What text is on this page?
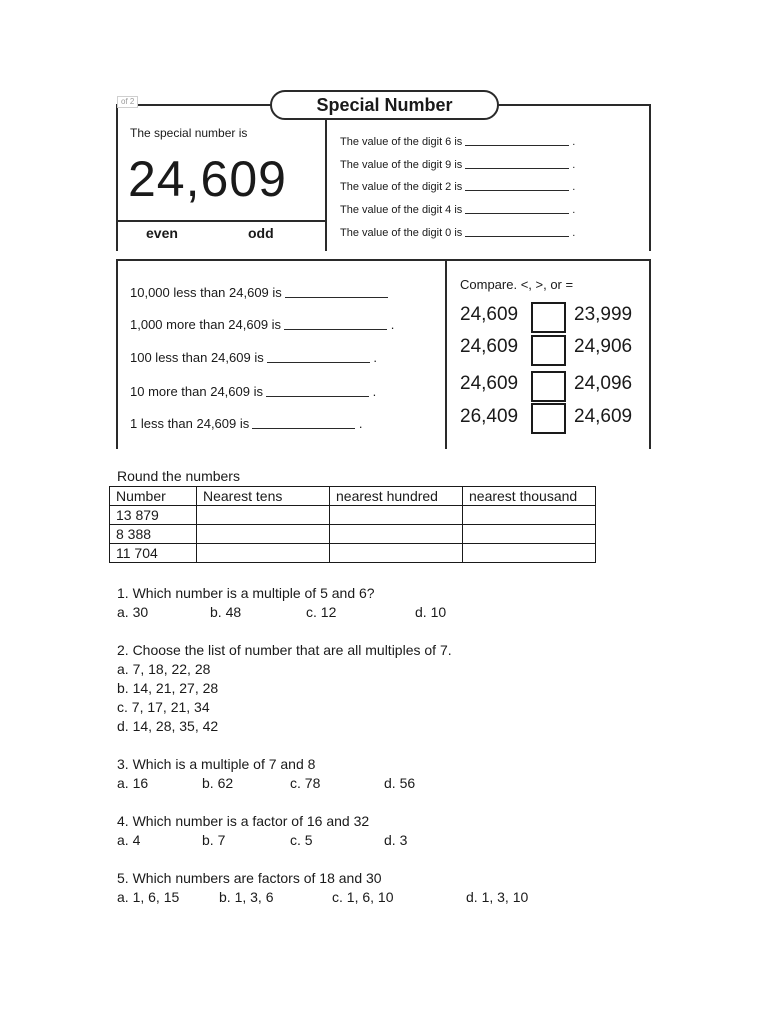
of 2	Special Number
The special number is
24,609
even	odd
The value of the digit 6 is	.
The value of the digit 9 is	.
The value of the digit 2 is	.
The value of the digit 4 is	.
The value of the digit 0 is	.
10,000 less than 24,609 is
1,000 more than 24,609 is	.
100 less than 24,609 is	.
10 more than 24,609 is	.
1 less than 24,609 is	.
Compare. <, >, or =
24,609	23,999
24,609	24,906
24,609	24,096
26,409	24,609
Round the numbers
Number	Nearest tens	nearest hundred	nearest thousand
13 879			
8 388			
11 704			
1. Which number is a multiple of 5 and 6?
a. 30	b. 48	c. 12	d. 10
2. Choose the list of number that are all multiples of 7.
a. 7, 18, 22, 28
b. 14, 21, 27, 28
c. 7, 17, 21, 34
d. 14, 28, 35, 42
3. Which is a multiple of 7 and 8
a. 16	b. 62	c. 78	d. 56
4. Which number is a factor of 16 and 32
a. 4	b. 7	c. 5	d. 3
5. Which numbers are factors of 18 and 30
a. 1, 6, 15	b. 1, 3, 6	c. 1, 6, 10	d. 1, 3, 10
